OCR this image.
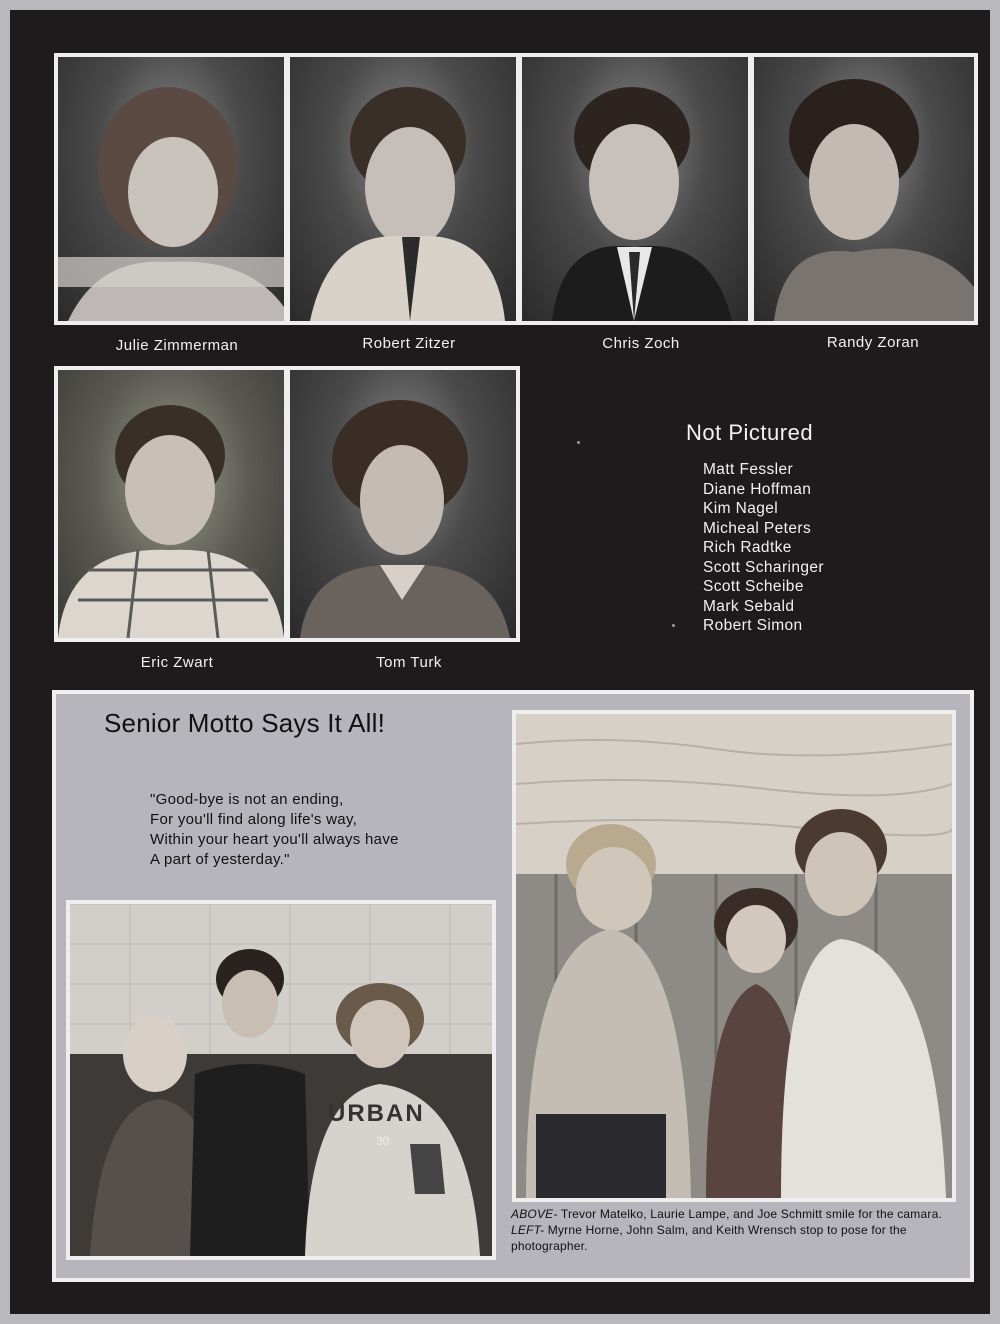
Julie Zimmerman	Robert Zitzer	Chris Zoch	Randy Zoran
Eric Zwart	Tom Turk
Not Pictured
Matt Fessler
Diane Hoffman
Kim Nagel
Micheal Peters
Rich Radtke
Scott Scharinger
Scott Scheibe
Mark Sebald
Robert Simon
Senior Motto Says It All!
"Good-bye is not an ending,
For you'll find along life's way,
Within your heart you'll always have
A part of yesterday."
URBAN
30
ABOVE- Trevor Matelko, Laurie Lampe, and Joe Schmitt smile for the camara.
LEFT- Myrne Horne, John Salm, and Keith Wrensch stop to pose for the photographer.
